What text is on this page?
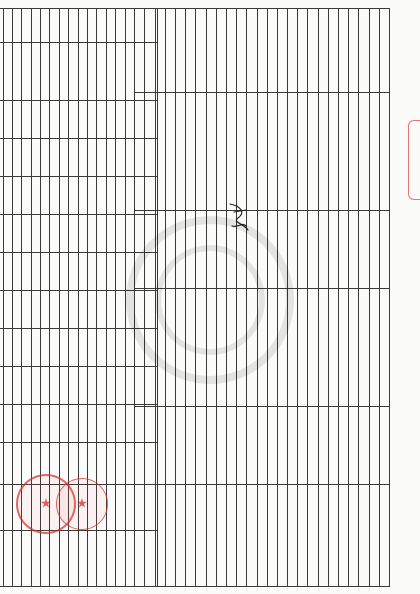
★ ★
